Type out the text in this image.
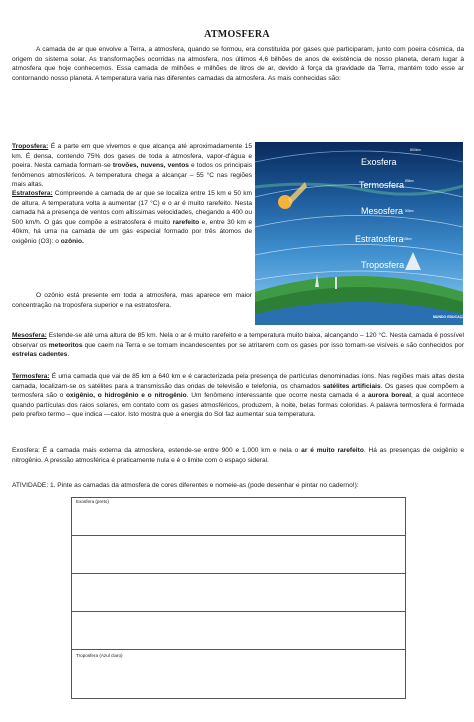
ATMOSFERA

A camada de ar que envolve a Terra, a atmosfera, quando se formou, era constituída por gases que participaram, junto com poeira cósmica, da origem do sistema solar. As transformações ocorridas na atmosfera, nos últimos 4,6 bilhões de anos de existência de nosso planeta, deram lugar à atmosfera que hoje conhecemos. Essa camada de milhões e milhões de litros de ar, devido à força da gravidade da Terra, mantém todo esse ar contornando nosso planeta. A temperatura varia nas diferentes camadas da atmosfera. As mais conhecidas são:

Troposfera: É a parte em que vivemos e que alcança até aproximadamente 15 km. É densa, contendo 75% dos gases de toda a atmosfera, vapor-d'água e poeira. Nesta camada formam-se trovões, nuvens, ventos e todos os principais fenômenos atmosféricos. A temperatura chega a alcançar – 55 °C nas regiões mais altas.

Estratosfera: Compreende a camada de ar que se localiza entre 15 km e 50 km de altura. A temperatura volta a aumentar (17 °C) e o ar é muito rarefeito. Nesta camada há a presença de ventos com altíssimas velocidades, chegando a 400 ou 500 km/h. O gás que compõe a estratosfera é muito rarefeito e, entre 30 km e 40km, há uma na camada de um gás especial formado por três átomos de oxigênio (O3): o ozônio.

O ozônio está presente em toda a atmosfera, mas aparece em maior concentração na troposfera superior e na estratosfera.

Exosfera
Termosfera
Mesosfera
Estratosfera
Troposfera
800km
85km
50km
15km
MUNDO EDUCAÇÃO

Mesosfera: Estende-se até uma altura de 85 km. Nela o ar é muito rarefeito e a temperatura muito baixa, alcançando – 120 °C. Nesta camada é possível observar os meteoritos que caem na Terra e se tornam incandescentes por se atritarem com os gases por isso tornam-se visíveis e são conhecidos por estrelas cadentes.

Termosfera: É uma camada que vai de 85 km a 640 km e é caracterizada pela presença de partículas denominadas íons. Nas regiões mais altas desta camada, localizam-se os satélites para a transmissão das ondas de televisão e telefonia, os chamados satélites artificiais. Os gases que compõem a termosfera são o oxigênio, o hidrogênio e o nitrogênio. Um fenômeno interessante que ocorre nesta camada é a aurora boreal, a qual acontece quando partículas dos raios solares, em contato com os gases atmosféricos, produzem, à noite, belas formas coloridas. A palavra termosfera é formada pelo prefixo termo – que indica —calor. Isto mostra que a energia do Sol faz aumentar sua temperatura.

Exosfera: É a camada mais externa da atmosfera, estende-se entre 900 e 1.000 km e nela o ar é muito rarefeito. Há as presenças de oxigênio e nitrogênio. A pressão atmosférica é praticamente nula e é o limite com o espaço sideral.

ATIVIDADE: 1. Pinte as camadas da atmosfera de cores diferentes e nomeie-as (pode desenhar e pintar no caderno!):

Exosfera (preto)
Troposfera (Azul claro)
